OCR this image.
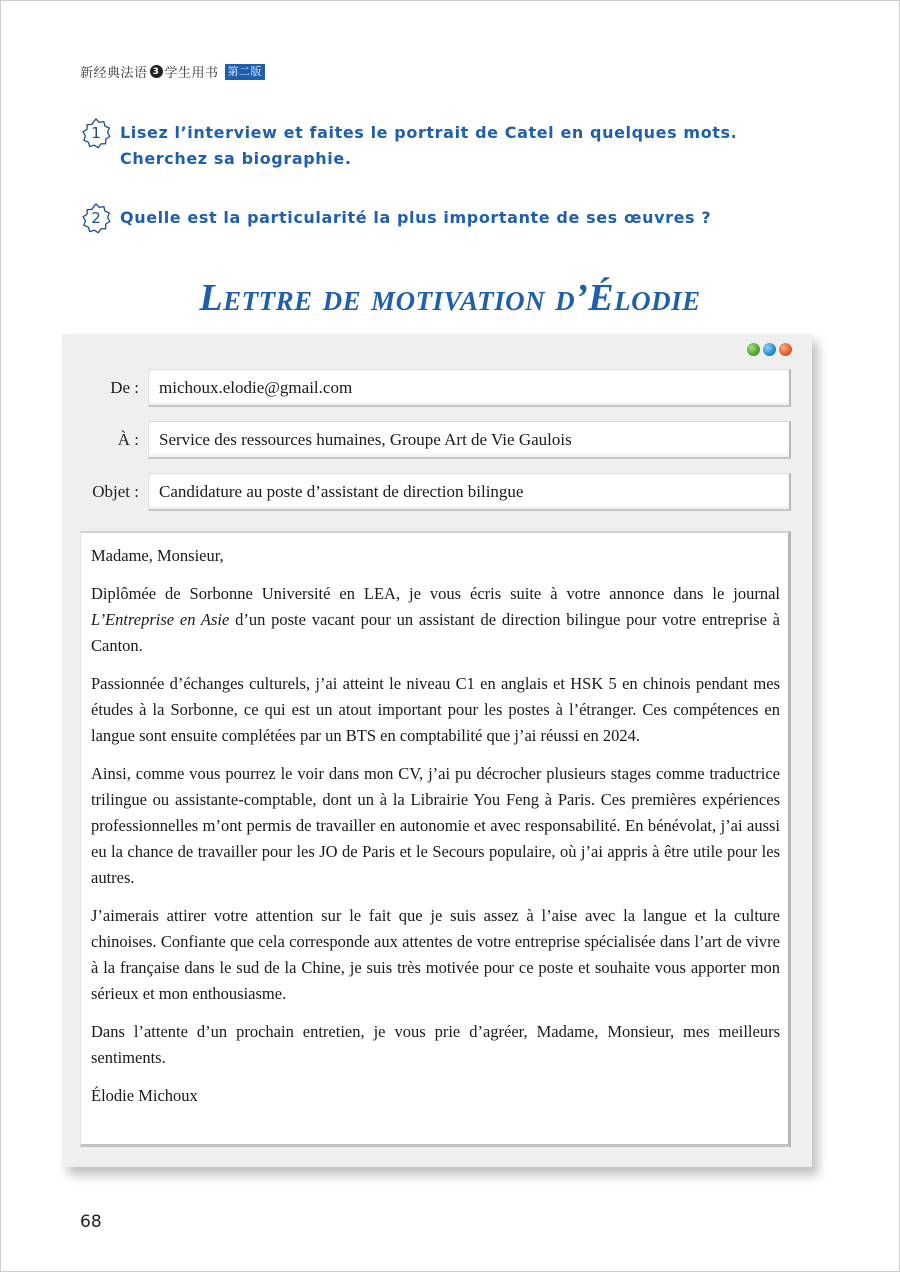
新经典法语 3 学生用书 第二版
1	Lisez l’interview et faites le portrait de Catel en quelques mots. Cherchez sa biographie.
2	Quelle est la particularité la plus importante de ses œuvres ?
Lettre de motivation d’Élodie
De :	michoux.elodie@gmail.com
À :	Service des ressources humaines, Groupe Art de Vie Gaulois
Objet :	Candidature au poste d’assistant de direction bilingue

Madame, Monsieur,

Diplômée de Sorbonne Université en LEA, je vous écris suite à votre annonce dans le journal L’Entreprise en Asie d’un poste vacant pour un assistant de direction bilingue pour votre entreprise à Canton.

Passionnée d’échanges culturels, j’ai atteint le niveau C1 en anglais et HSK 5 en chinois pendant mes études à la Sorbonne, ce qui est un atout important pour les postes à l’étranger. Ces compétences en langue sont ensuite complétées par un BTS en comptabilité que j’ai réussi en 2024.

Ainsi, comme vous pourrez le voir dans mon CV, j’ai pu décrocher plusieurs stages comme traductrice trilingue ou assistante-comptable, dont un à la Librairie You Feng à Paris. Ces premières expériences professionnelles m’ont permis de travailler en autonomie et avec responsabilité. En bénévolat, j’ai aussi eu la chance de travailler pour les JO de Paris et le Secours populaire, où j’ai appris à être utile pour les autres.

J’aimerais attirer votre attention sur le fait que je suis assez à l’aise avec la langue et la culture chinoises. Confiante que cela corresponde aux attentes de votre entreprise spécialisée dans l’art de vivre à la française dans le sud de la Chine, je suis très motivée pour ce poste et souhaite vous apporter mon sérieux et mon enthousiasme.

Dans l’attente d’un prochain entretien, je vous prie d’agréer, Madame, Monsieur, mes meilleurs sentiments.

Élodie Michoux

68
